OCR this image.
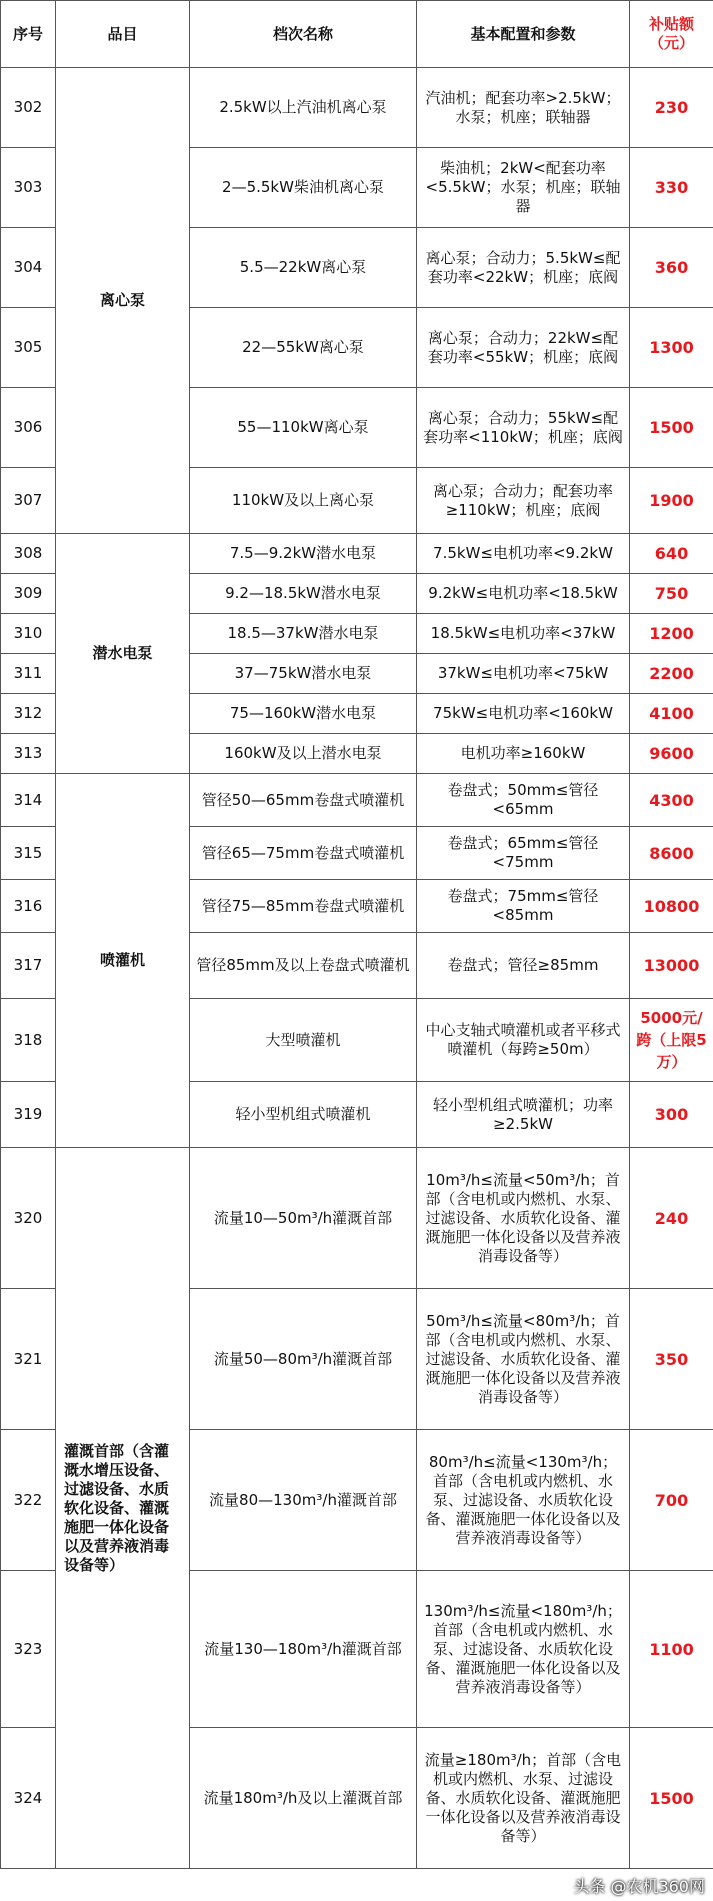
序号	品目	档次名称	基本配置和参数	补贴额（元）
302	离心泵	2.5kW以上汽油机离心泵	汽油机；配套功率>2.5kW；水泵；机座；联轴器	230
303		2—5.5kW柴油机离心泵	柴油机；2kW<配套功率<5.5kW；水泵；机座；联轴器	330
304		5.5—22kW离心泵	离心泵；合动力；5.5kW≤配套功率<22kW；机座；底阀	360
305		22—55kW离心泵	离心泵；合动力；22kW≤配套功率<55kW；机座；底阀	1300
306		55—110kW离心泵	离心泵；合动力；55kW≤配套功率<110kW；机座；底阀	1500
307		110kW及以上离心泵	离心泵；合动力；配套功率≥110kW；机座；底阀	1900
308	潜水电泵	7.5—9.2kW潜水电泵	7.5kW≤电机功率<9.2kW	640
309		9.2—18.5kW潜水电泵	9.2kW≤电机功率<18.5kW	750
310		18.5—37kW潜水电泵	18.5kW≤电机功率<37kW	1200
311		37—75kW潜水电泵	37kW≤电机功率<75kW	2200
312		75—160kW潜水电泵	75kW≤电机功率<160kW	4100
313		160kW及以上潜水电泵	电机功率≥160kW	9600
314	喷灌机	管径50—65mm卷盘式喷灌机	卷盘式；50mm≤管径<65mm	4300
315		管径65—75mm卷盘式喷灌机	卷盘式；65mm≤管径<75mm	8600
316		管径75—85mm卷盘式喷灌机	卷盘式；75mm≤管径<85mm	10800
317		管径85mm及以上卷盘式喷灌机	卷盘式；管径≥85mm	13000
318		大型喷灌机	中心支轴式喷灌机或者平移式喷灌机（每跨≥50m）	5000元/跨（上限5万）
319		轻小型机组式喷灌机	轻小型机组式喷灌机；功率≥2.5kW	300
320	灌溉首部（含灌溉水增压设备、过滤设备、水质软化设备、灌溉施肥一体化设备以及营养液消毒设备等）	流量10—50m³/h灌溉首部	10m³/h≤流量<50m³/h；首部（含电机或内燃机、水泵、过滤设备、水质软化设备、灌溉施肥一体化设备以及营养液消毒设备等）	240
321		流量50—80m³/h灌溉首部	50m³/h≤流量<80m³/h；首部（含电机或内燃机、水泵、过滤设备、水质软化设备、灌溉施肥一体化设备以及营养液消毒设备等）	350
322		流量80—130m³/h灌溉首部	80m³/h≤流量<130m³/h；首部（含电机或内燃机、水泵、过滤设备、水质软化设备、灌溉施肥一体化设备以及营养液消毒设备等）	700
323		流量130—180m³/h灌溉首部	130m³/h≤流量<180m³/h；首部（含电机或内燃机、水泵、过滤设备、水质软化设备、灌溉施肥一体化设备以及营养液消毒设备等）	1100
324		流量180m³/h及以上灌溉首部	流量≥180m³/h；首部（含电机或内燃机、水泵、过滤设备、水质软化设备、灌溉施肥一体化设备以及营养液消毒设备等）	1500
头条 @农机360网
